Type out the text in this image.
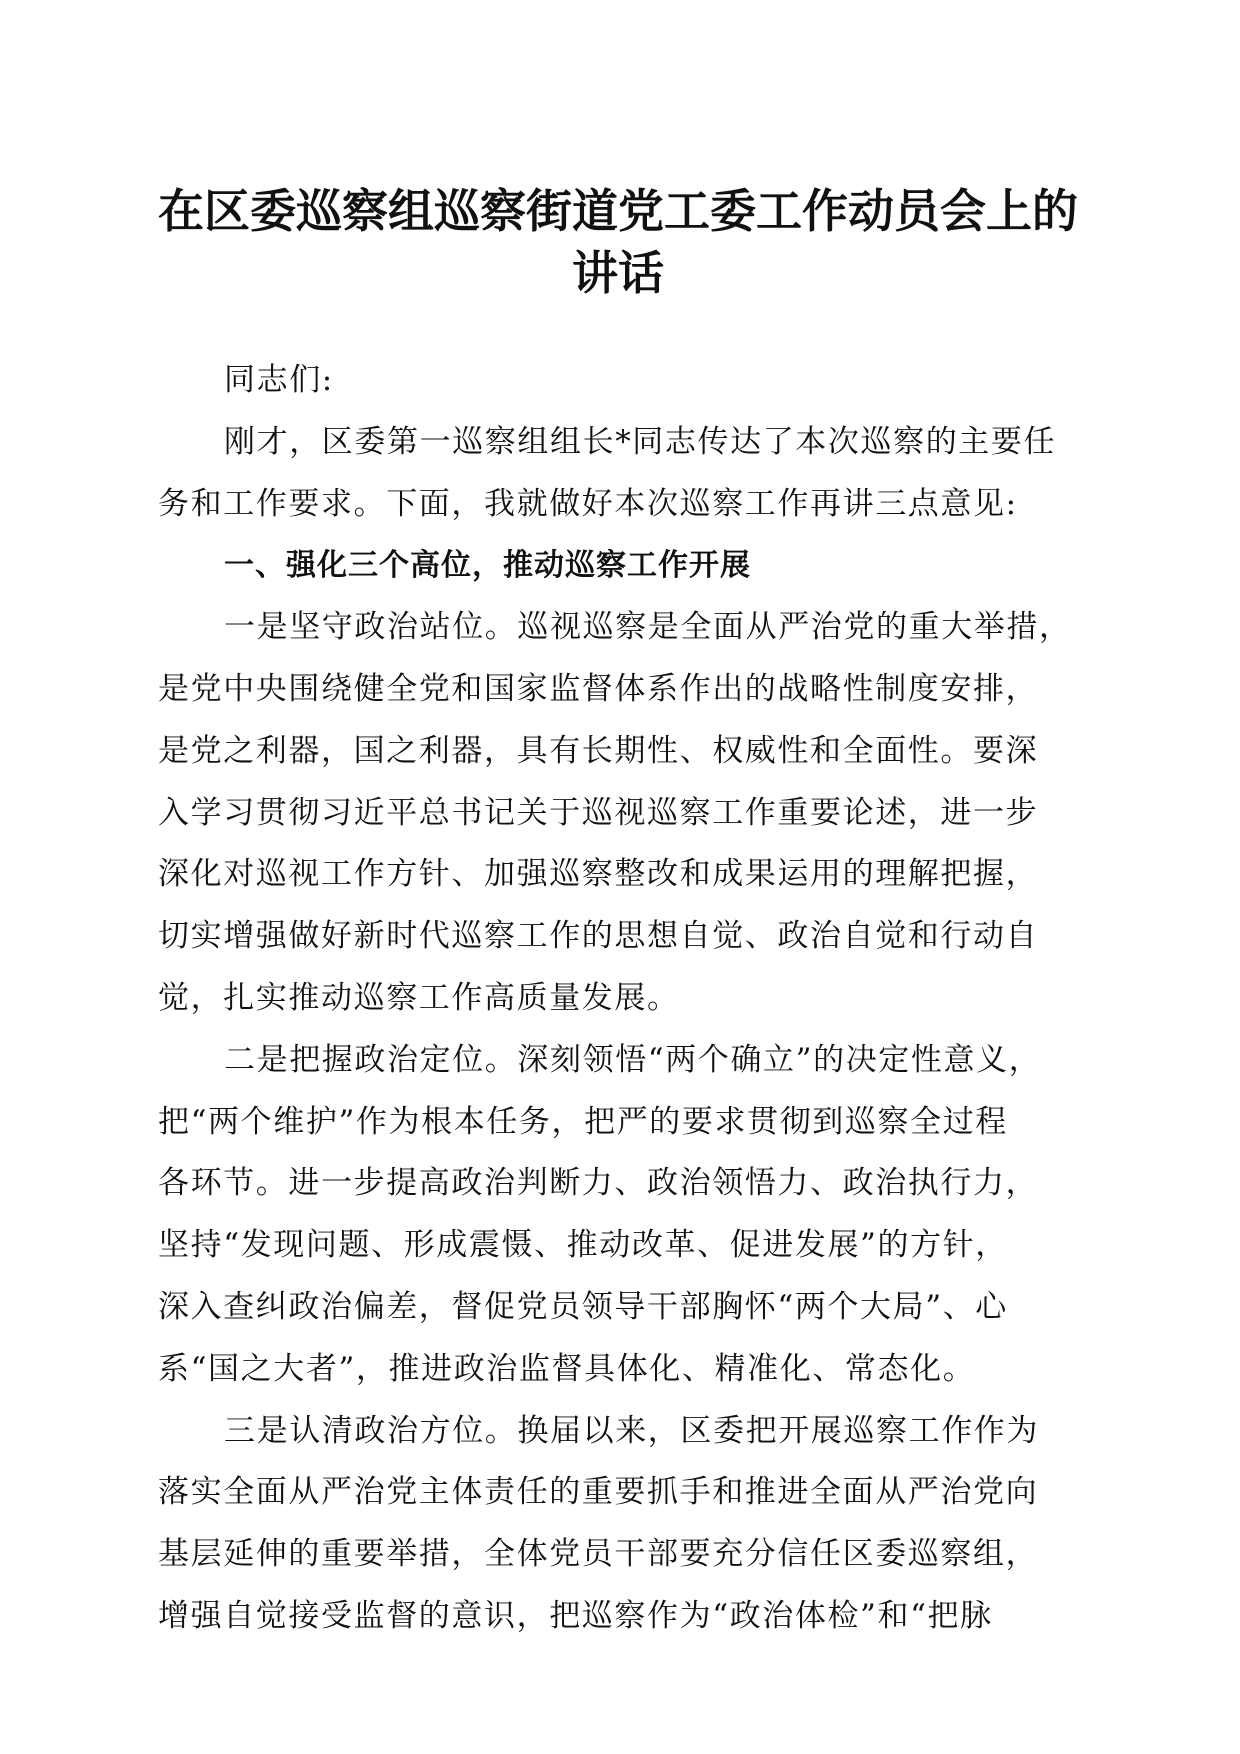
在区委巡察组巡察街道党工委工作动员会上的
讲话
同志们:
刚才，区委第一巡察组组长*同志传达了本次巡察的主要任
务和工作要求。下面，我就做好本次巡察工作再讲三点意见:
一、强化三个高位，推动巡察工作开展
一是坚守政治站位。巡视巡察是全面从严治党的重大举措，
是党中央围绕健全党和国家监督体系作出的战略性制度安排，
是党之利器，国之利器，具有长期性、权威性和全面性。要深
入学习贯彻习近平总书记关于巡视巡察工作重要论述，进一步
深化对巡视工作方针、加强巡察整改和成果运用的理解把握，
切实增强做好新时代巡察工作的思想自觉、政治自觉和行动自
觉，扎实推动巡察工作高质量发展。
二是把握政治定位。深刻领悟“两个确立”的决定性意义，
把“两个维护”作为根本任务，把严的要求贯彻到巡察全过程
各环节。进一步提高政治判断力、政治领悟力、政治执行力，
坚持“发现问题、形成震慑、推动改革、促进发展”的方针，
深入查纠政治偏差，督促党员领导干部胸怀“两个大局”、心
系“国之大者”，推进政治监督具体化、精准化、常态化。
三是认清政治方位。换届以来，区委把开展巡察工作作为
落实全面从严治党主体责任的重要抓手和推进全面从严治党向
基层延伸的重要举措，全体党员干部要充分信任区委巡察组，
增强自觉接受监督的意识，把巡察作为“政治体检”和“把脉
